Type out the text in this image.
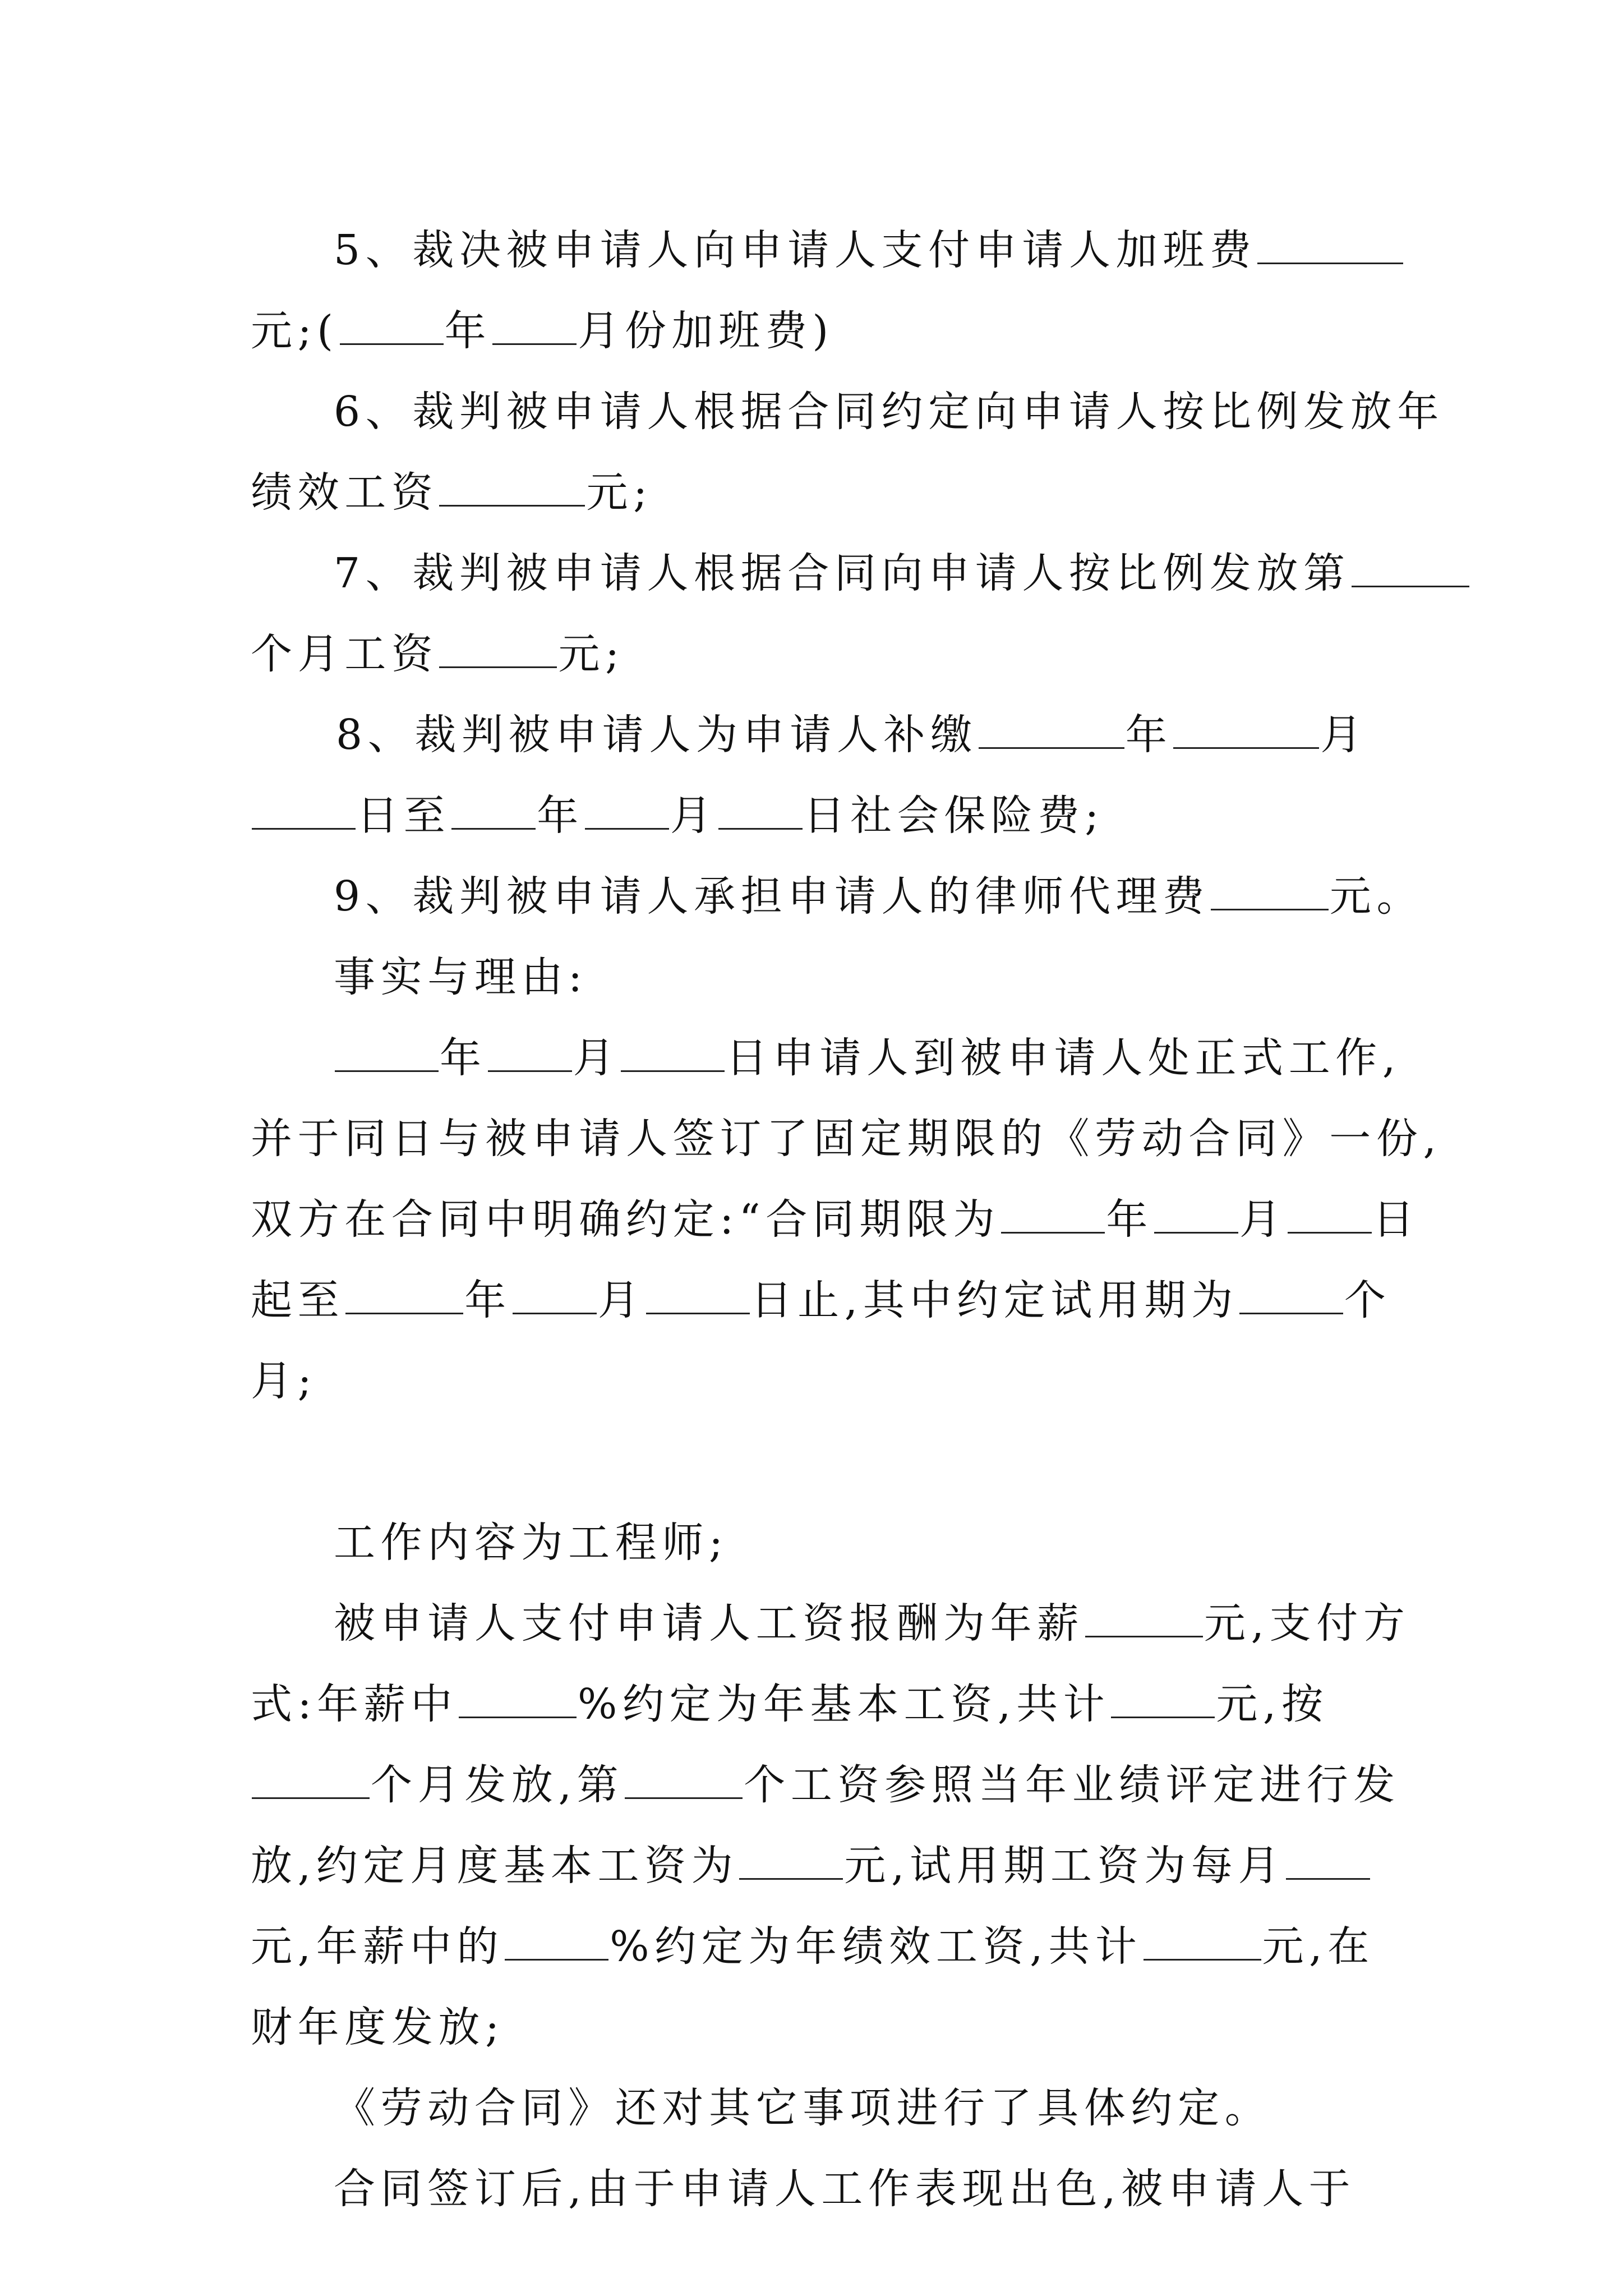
5、裁决被申请人向申请人支付申请人加班费
元;(	年 月份加班费)
6、裁判被申请人根据合同约定向申请人按比例发放年
绩效工资	元;
7、裁判被申请人根据合同向申请人按比例发放第
个月工资	元;
8、裁判被申请人为申请人补缴	年	月
日至 年 月 日社会保险费;
9、裁判被申请人承担申请人的律师代理费	元。
事实与理由:
年 月	日申请人到被申请人处正式工作,
并于同日与被申请人签订了固定期限的《劳动合同》一份,
双方在合同中明确约定:“合同期限为	年 月 日
起至	年 月	日止,其中约定试用期为	个
月;
工作内容为工程师;
被申请人支付申请人工资报酬为年薪	元,支付方
式:年薪中	%约定为年基本工资,共计	元,按
个月发放,第	个工资参照当年业绩评定进行发
放,约定月度基本工资为	元,试用期工资为每月
元,年薪中的	%约定为年绩效工资,共计	元,在
财年度发放;
《劳动合同》还对其它事项进行了具体约定。
合同签订后,由于申请人工作表现出色,被申请人于
